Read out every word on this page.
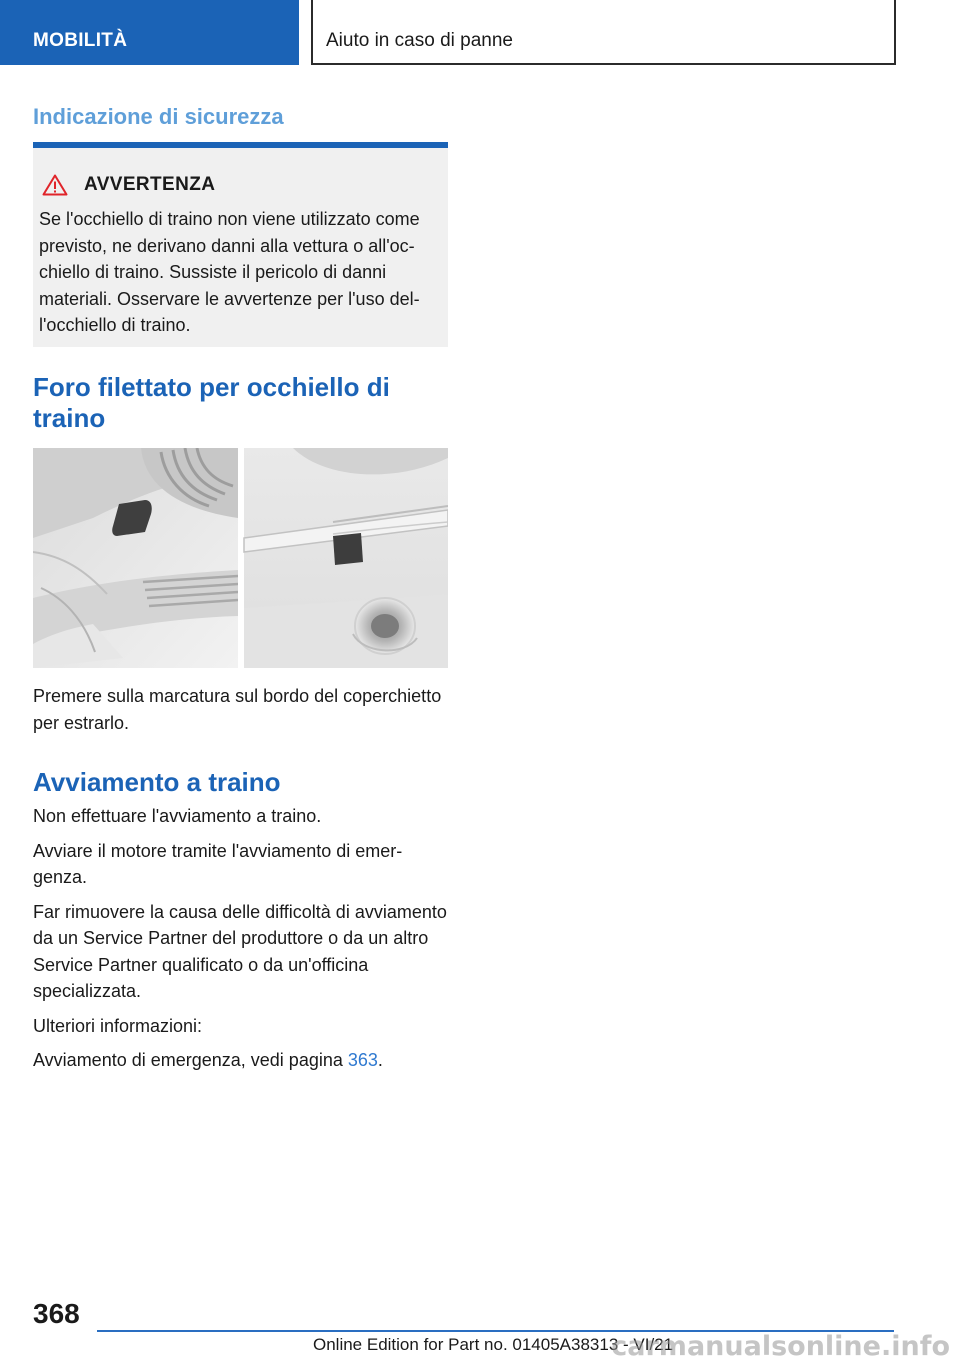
MOBILITÀ	Aiuto in caso di panne
Indicazione di sicurezza
AVVERTENZA
Se l'occhiello di traino non viene utilizzato come previsto, ne derivano danni alla vettura o all'occhiello di traino. Sussiste il pericolo di danni materiali. Osservare le avvertenze per l'uso dell'occhiello di traino.
Foro filettato per occhiello di traino
Premere sulla marcatura sul bordo del coperchietto per estrarlo.
Avviamento a traino

Non effettuare l'avviamento a traino.

Avviare il motore tramite l'avviamento di emergenza.

Far rimuovere la causa delle difficoltà di avviamento da un Service Partner del produttore o da un altro Service Partner qualificato o da un'officina specializzata.

Ulteriori informazioni:

Avviamento di emergenza, vedi pagina 363.

368
Online Edition for Part no. 01405A38313 - VI/21
carmanualsonline.info
